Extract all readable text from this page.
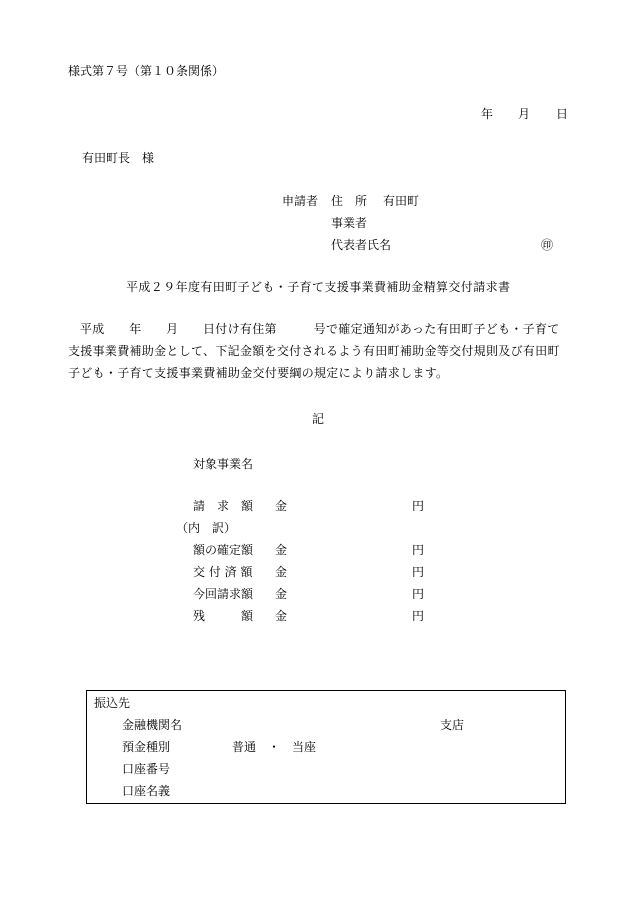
様式第７号（第１０条関係）
年 月 日
有田町長　様
申請者 住　所 有田町
事業者
代表者氏名	㊞
平成２９年度有田町子ども・子育て支援事業費補助金精算交付請求書
平成　　年　　月　　日付け有住第　　　号で確定通知があった有田町子ども・子育て
支援事業費補助金として、下記金額を交付されるよう有田町補助金等交付規則及び有田町
子ども・子育て支援事業費補助金交付要綱の規定により請求します。
記
対象事業名
請　求　額 金	円
（内　訳）
額の確定額 金	円
交 付 済 額 金	円
今回請求額 金	円
残　　　額 金	円
振込先
金融機関名	支店
預金種別	普通　・　当座
口座番号
口座名義
